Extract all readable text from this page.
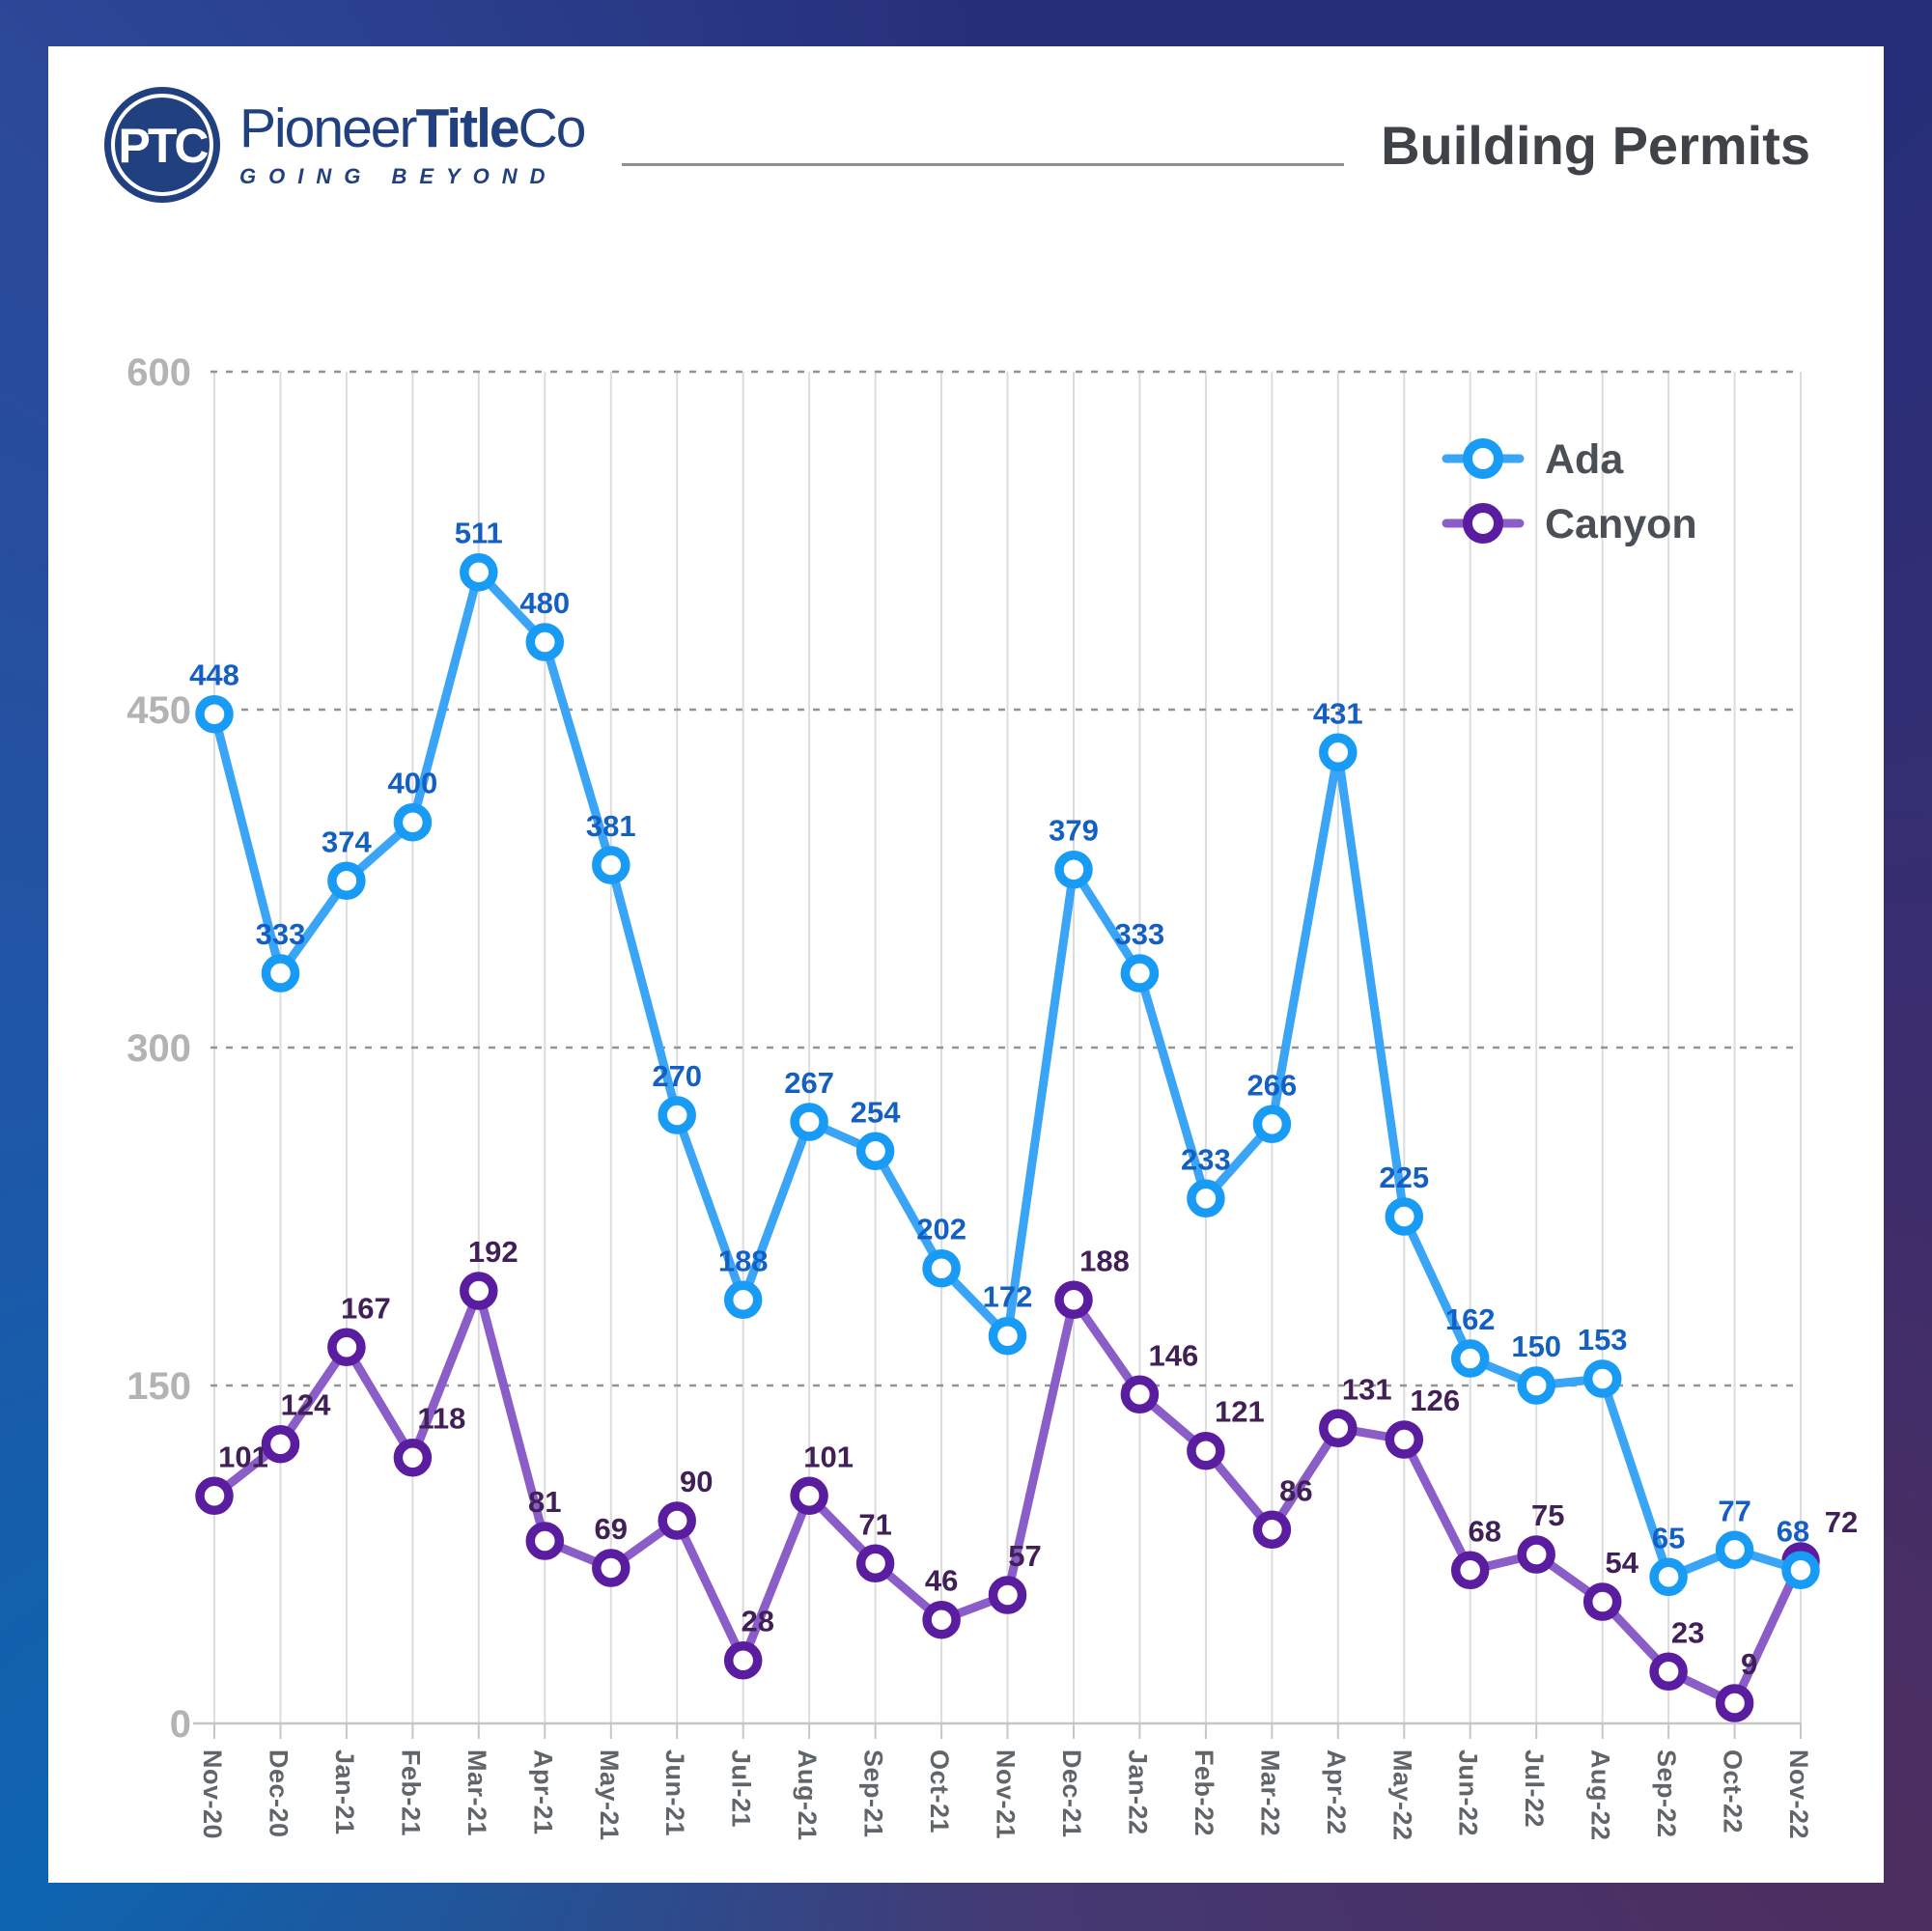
PTC PioneerTitleCo
GOING BEYOND
Building Permits
0
150
300
450
600
Nov-20 Dec-20 Jan-21 Feb-21 Mar-21 Apr-21 May-21 Jun-21 Jul-21 Aug-21 Sep-21 Oct-21 Nov-21 Dec-21 Jan-22 Feb-22 Mar-22 Apr-22 May-22 Jun-22 Jul-22 Aug-22 Sep-22 Oct-22 Nov-22
448
333
374
400
511
480
381
270
188
267
254
202
172
379
333
233
266
431
225
162
150 153
65
77
68
101
124
167
118
192
81
69
90
28
101
71
46
57
188
146
121
86
131 126
68 75
54
23
9
72
Ada
Canyon
